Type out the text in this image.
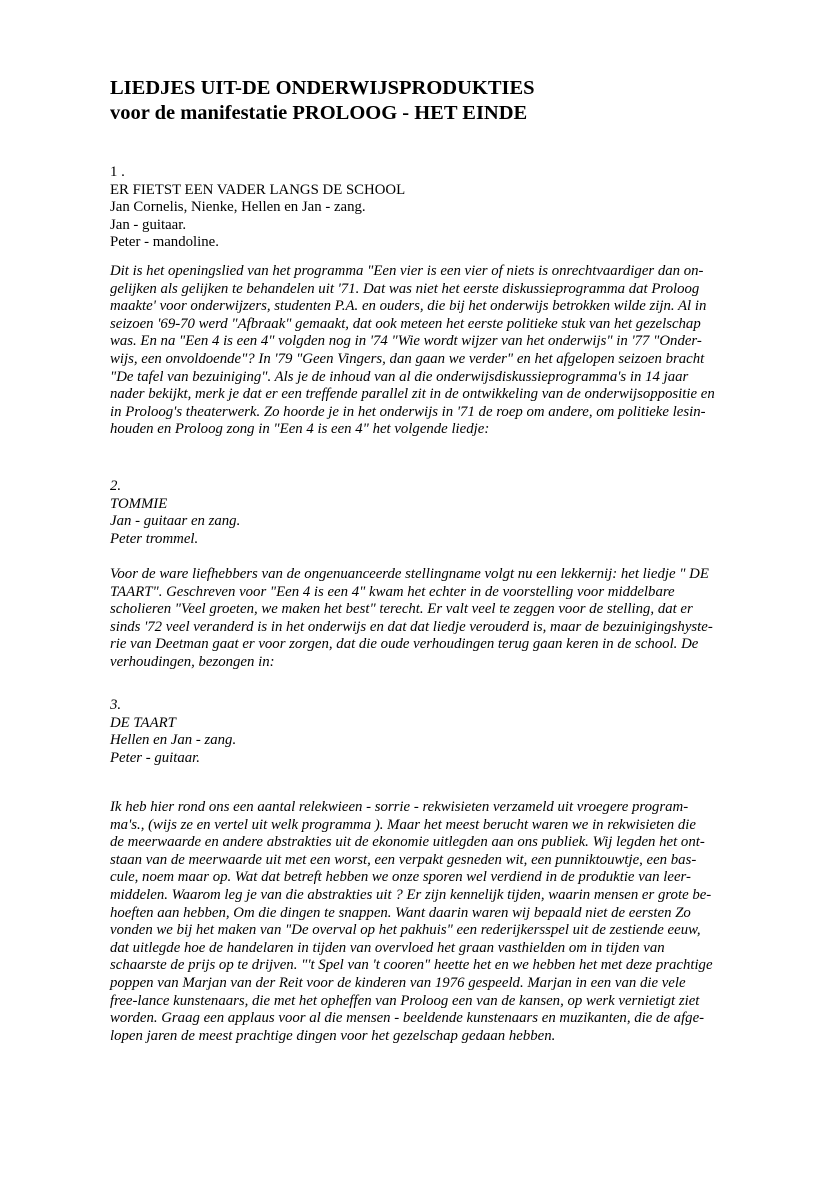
LIEDJES UIT-DE ONDERWIJSPRODUKTIES
voor de manifestatie PROLOOG - HET EINDE
1 .
ER FIETST EEN VADER LANGS DE SCHOOL
Jan Cornelis, Nienke, Hellen en Jan - zang.
Jan - guitaar.
Peter - mandoline.
Dit is het openingslied van het programma "Een vier is een vier of niets is onrechtvaardiger dan on-
gelijken als gelijken te behandelen uit '71. Dat was niet het eerste diskussieprogramma dat Proloog
maakte' voor onderwijzers, studenten P.A. en ouders, die bij het onderwijs betrokken wilde zijn. Al in
seizoen '69-70 werd "Afbraak" gemaakt, dat ook meteen het eerste politieke stuk van het gezelschap
was. En na "Een 4 is een 4" volgden nog in '74 "Wie wordt wijzer van het onderwijs" in '77 "Onder-
wijs, een onvoldoende"? In '79 "Geen Vingers, dan gaan we verder" en het afgelopen seizoen bracht
"De tafel van bezuiniging". Als je de inhoud van al die onderwijsdiskussieprogramma's in 14 jaar
nader bekijkt, merk je dat er een treffende parallel zit in de ontwikkeling van de onderwijsoppositie en
in Proloog's theaterwerk. Zo hoorde je in het onderwijs in '71 de roep om andere, om politieke lesin-
houden en Proloog zong in "Een 4 is een 4" het volgende liedje:
2.
TOMMIE
Jan - guitaar en zang.
Peter trommel.
Voor de ware liefhebbers van de ongenuanceerde stellingname volgt nu een lekkernij: het liedje " DE
TAART". Geschreven voor "Een 4 is een 4" kwam het echter in de voorstelling voor middelbare
scholieren "Veel groeten, we maken het best" terecht. Er valt veel te zeggen voor de stelling, dat er
sinds '72 veel veranderd is in het onderwijs en dat dat liedje verouderd is, maar de bezuinigingshyste-
rie van Deetman gaat er voor zorgen, dat die oude verhoudingen terug gaan keren in de school. De
verhoudingen, bezongen in:
3.
DE TAART
Hellen en Jan - zang.
Peter - guitaar.
Ik heb hier rond ons een aantal relekwieen - sorrie - rekwisieten verzameld uit vroegere program-
ma's., (wijs ze en vertel uit welk programma ). Maar het meest berucht waren we in rekwisieten die
de meerwaarde en andere abstrakties uit de ekonomie uitlegden aan ons publiek. Wij legden het ont-
staan van de meerwaarde uit met een worst, een verpakt gesneden wit, een punniktouwtje, een bas-
cule, noem maar op. Wat dat betreft hebben we onze sporen wel verdiend in de produktie van leer-
middelen. Waarom leg je van die abstrakties uit ? Er zijn kennelijk tijden, waarin mensen er grote be-
hoeften aan hebben, Om die dingen te snappen. Want daarin waren wij bepaald niet de eersten Zo
vonden we bij het maken van "De overval op het pakhuis" een rederijkersspel uit de zestiende eeuw,
dat uitlegde hoe de handelaren in tijden van overvloed het graan vasthielden om in tijden van
schaarste de prijs op te drijven. "'t Spel van 't cooren" heette het en we hebben het met deze prachtige
poppen van Marjan van der Reit voor de kinderen van 1976 gespeeld. Marjan in een van die vele
free-lance kunstenaars, die met het opheffen van Proloog een van de kansen, op werk vernietigt ziet
worden. Graag een applaus voor al die mensen - beeldende kunstenaars en muzikanten, die de afge-
lopen jaren de meest prachtige dingen voor het gezelschap gedaan hebben.
